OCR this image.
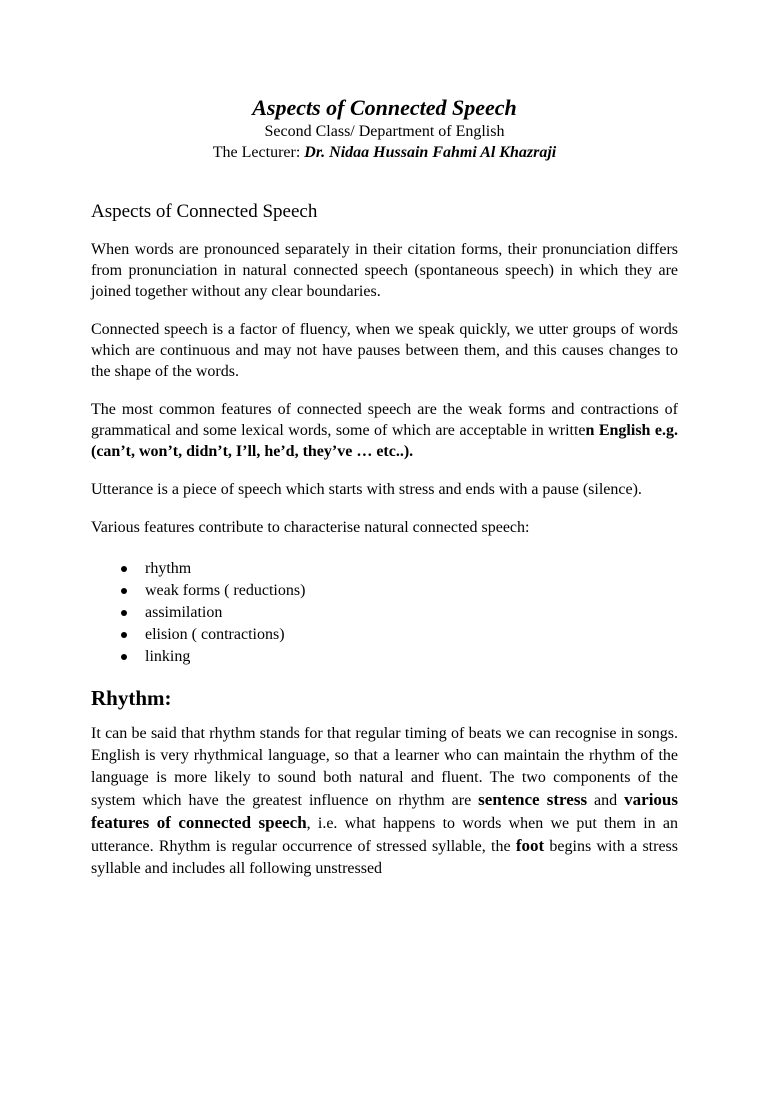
Aspects of Connected Speech
Second Class/ Department of English
The Lecturer: Dr. Nidaa Hussain Fahmi Al Khazraji
Aspects of Connected Speech

When words are pronounced separately in their citation forms, their pronunciation differs from pronunciation in natural connected speech (spontaneous speech) in which they are joined together without any clear boundaries.

Connected speech is a factor of fluency, when we speak quickly, we utter groups of words which are continuous and may not have pauses between them, and this causes changes to the shape of the words.

The most common features of connected speech are the weak forms and contractions of grammatical and some lexical words, some of which are acceptable in written English e.g. (can’t, won’t, didn’t, I’ll, he’d, they’ve … etc..).

Utterance is a piece of speech which starts with stress and ends with a pause (silence).

Various features contribute to characterise natural connected speech:

rhythm
weak forms ( reductions)
assimilation
elision ( contractions)
linking
Rhythm:

It can be said that rhythm stands for that regular timing of beats we can recognise in songs. English is very rhythmical language, so that a learner who can maintain the rhythm of the language is more likely to sound both natural and fluent. The two components of the system which have the greatest influence on rhythm are sentence stress and various features of connected speech, i.e. what happens to words when we put them in an utterance. Rhythm is regular occurrence of stressed syllable, the foot begins with a stress syllable and includes all following unstressed
